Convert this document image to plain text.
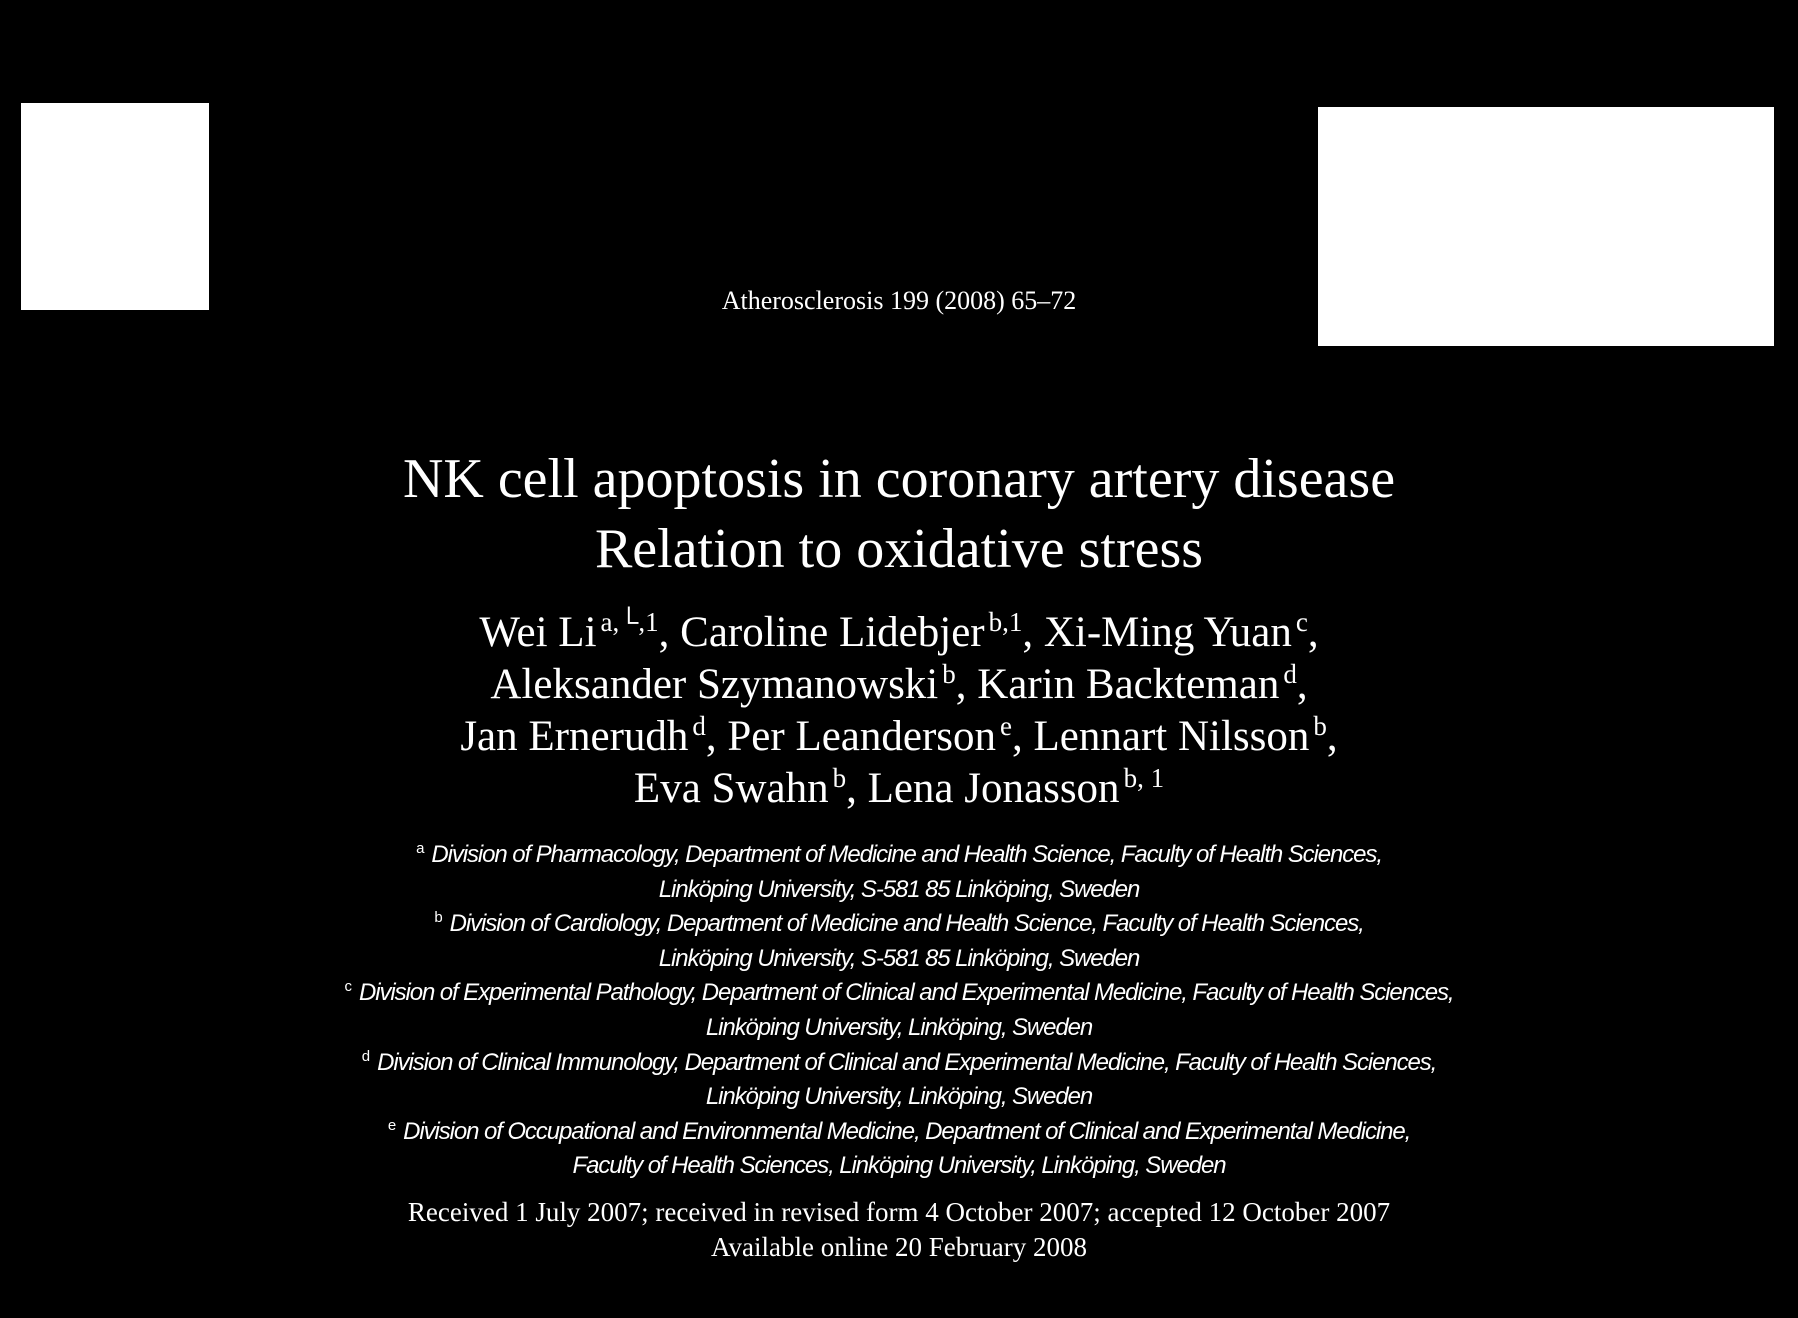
Atherosclerosis 199 (2008) 65–72
NK cell apoptosis in coronary artery disease
Relation to oxidative stress
Wei Li $^{a,└,1}$, Caroline Lidebjer $^{b,1}$, Xi-Ming Yuan $^c$,
Aleksander Szymanowski $^b$, Karin Backteman $^d$,
Jan Ernerudh $^d$, Per Leanderson $^e$, Lennart Nilsson $^b$,
Eva Swahn $^b$, Lena Jonasson $^{b, 1}$
$^a$ Division of Pharmacology, Department of Medicine and Health Science, Faculty of Health Sciences,
Linköping University, S-581 85 Linköping, Sweden
$^b$ Division of Cardiology, Department of Medicine and Health Science, Faculty of Health Sciences,
Linköping University, S-581 85 Linköping, Sweden
$^c$ Division of Experimental Pathology, Department of Clinical and Experimental Medicine, Faculty of Health Sciences,
Linköping University, Linköping, Sweden
$^d$ Division of Clinical Immunology, Department of Clinical and Experimental Medicine, Faculty of Health Sciences,
Linköping University, Linköping, Sweden
$^e$ Division of Occupational and Environmental Medicine, Department of Clinical and Experimental Medicine,
Faculty of Health Sciences, Linköping University, Linköping, Sweden
Received 1 July 2007; received in revised form 4 October 2007; accepted 12 October 2007
Available online 20 February 2008
